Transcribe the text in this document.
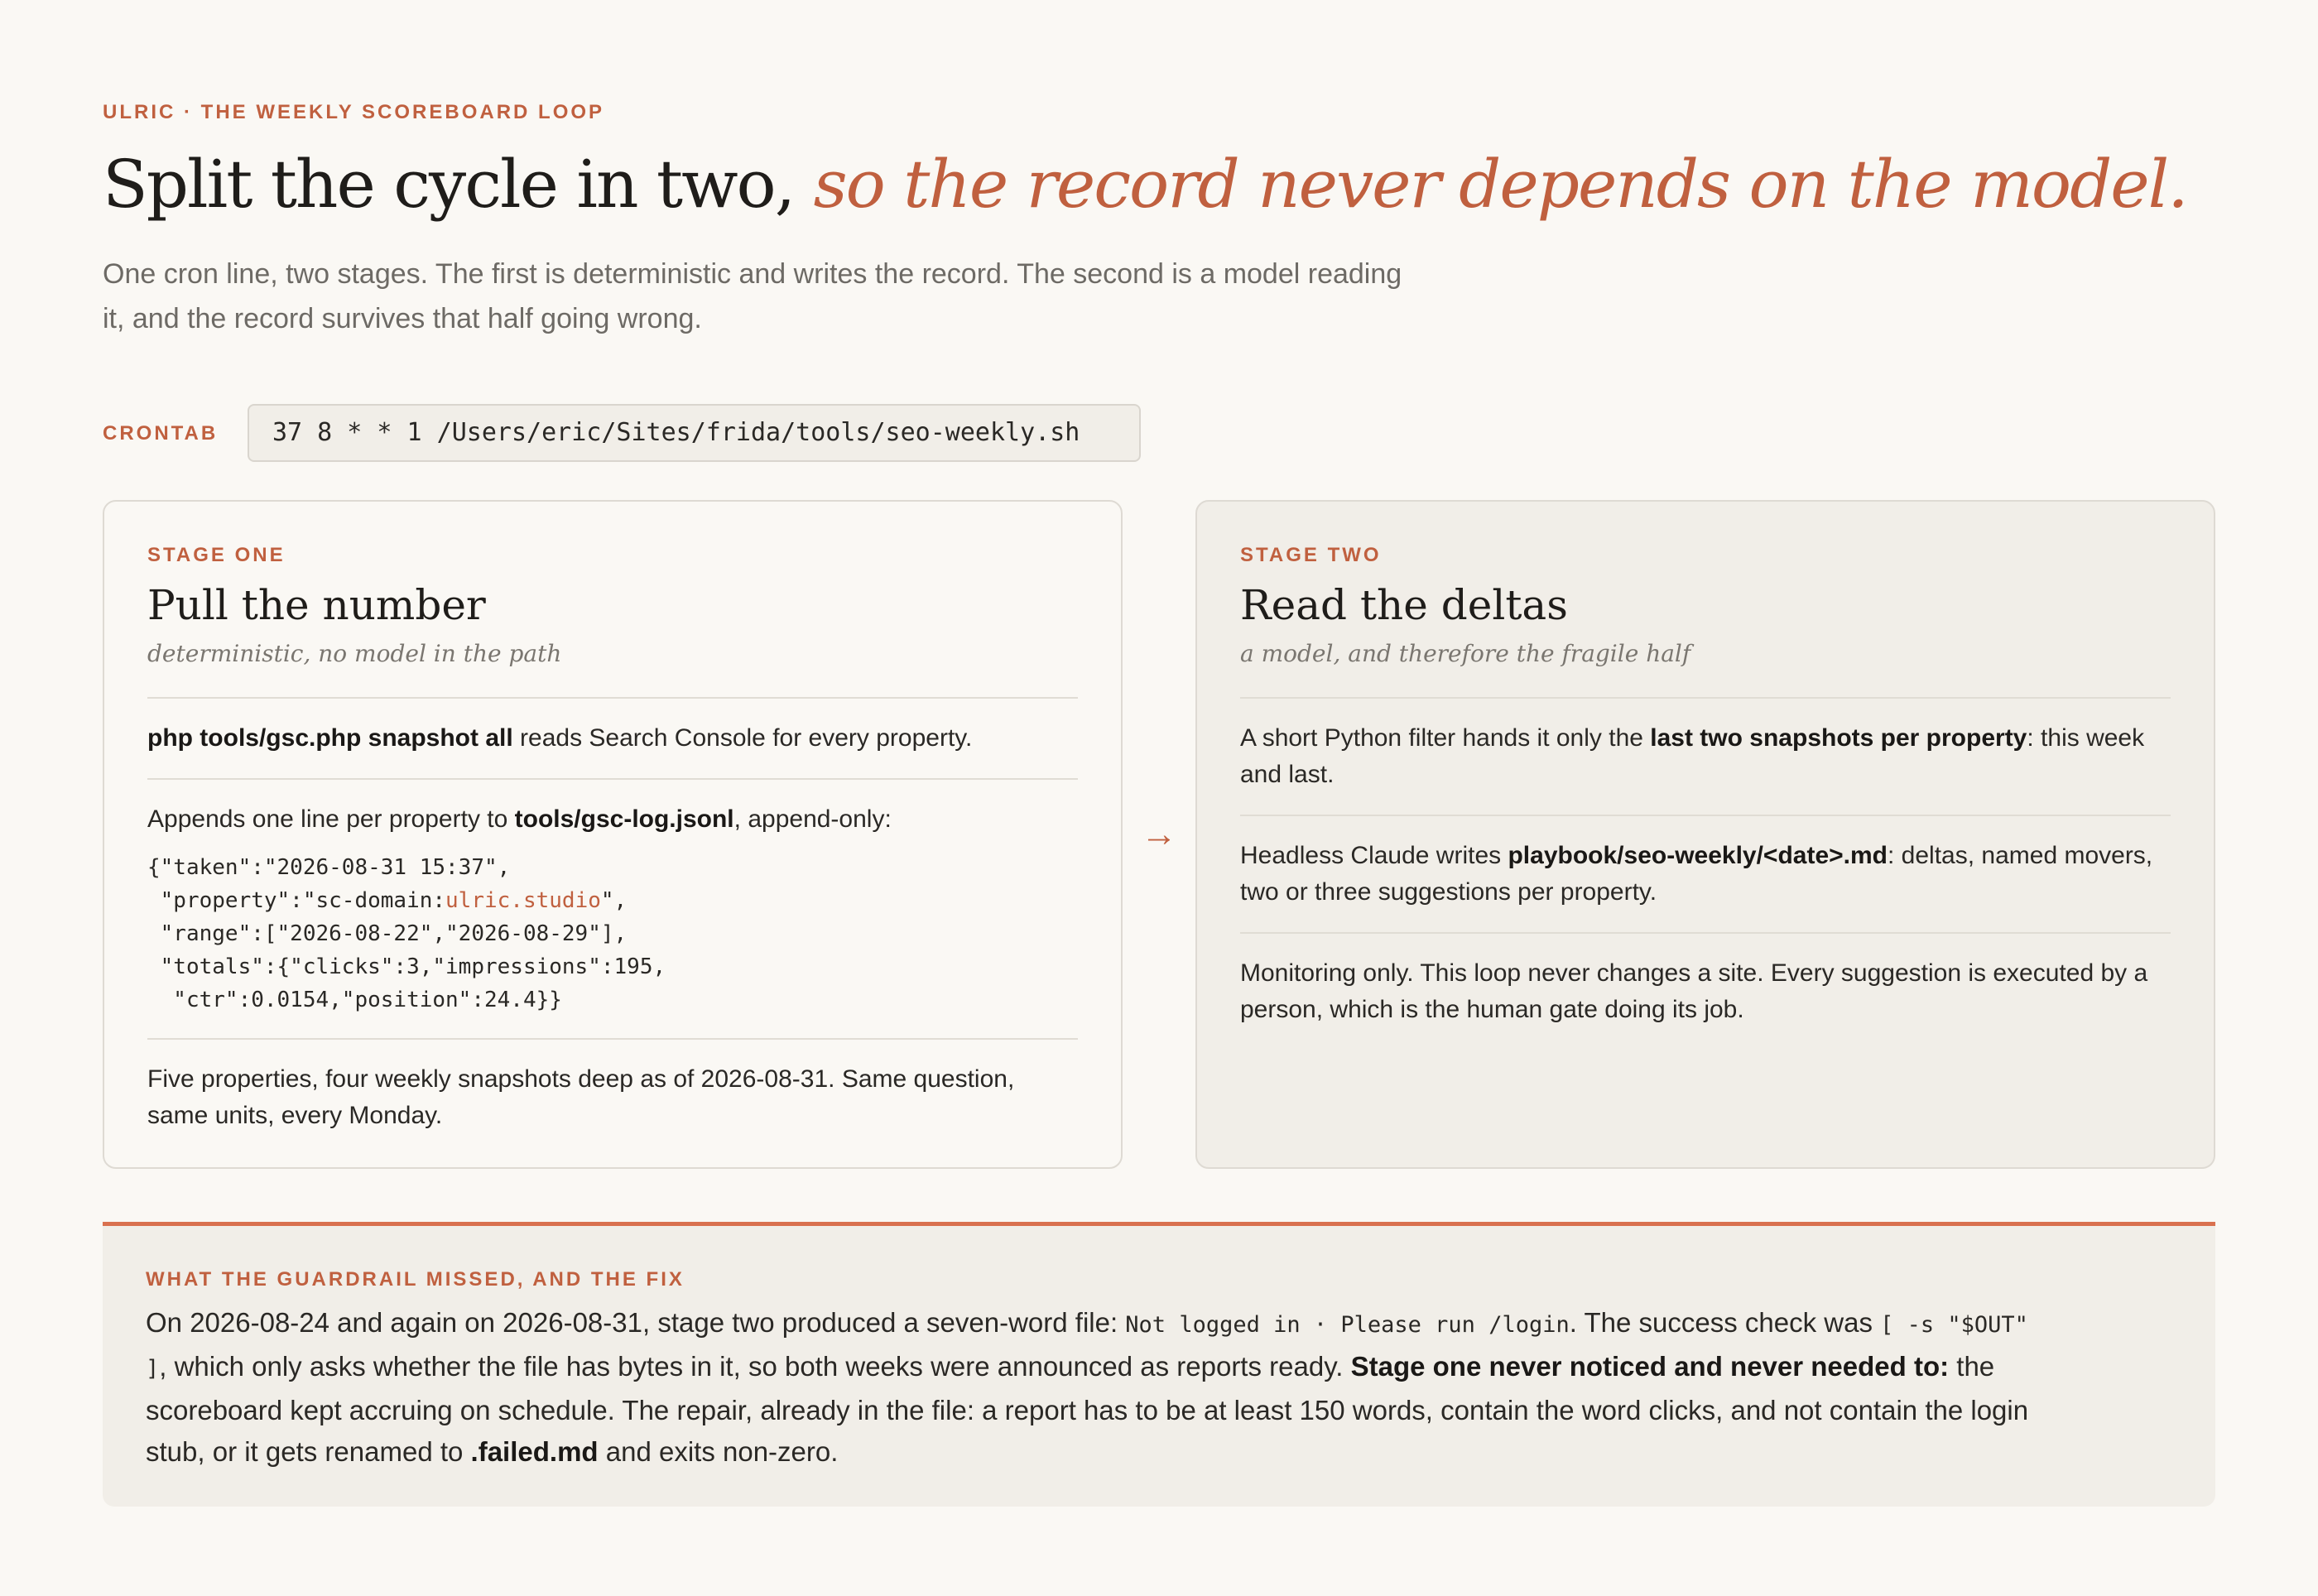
ULRIC · THE WEEKLY SCOREBOARD LOOP
Split the cycle in two, so the record never depends on the model.

One cron line, two stages. The first is deterministic and writes the record. The second is a model reading it, and the record survives that half going wrong.

CRONTAB	37 8 * * 1 /Users/eric/Sites/frida/tools/seo-weekly.sh
STAGE ONE
Pull the number
deterministic, no model in the path
php tools/gsc.php snapshot all reads Search Console for every property.
Appends one line per property to tools/gsc-log.jsonl, append-only:
{"taken":"2026-08-31 15:37",
"property":"sc-domain:ulric.studio",
"range":["2026-08-22","2026-08-29"],
"totals":{"clicks":3,"impressions":195,
"ctr":0.0154,"position":24.4}}
Five properties, four weekly snapshots deep as of 2026-08-31. Same question, same units, every Monday.
→
STAGE TWO
Read the deltas
a model, and therefore the fragile half
A short Python filter hands it only the last two snapshots per property: this week and last.
Headless Claude writes playbook/seo-weekly/<date>.md: deltas, named movers, two or three suggestions per property.
Monitoring only. This loop never changes a site. Every suggestion is executed by a person, which is the human gate doing its job.
WHAT THE GUARDRAIL MISSED, AND THE FIX
On 2026-08-24 and again on 2026-08-31, stage two produced a seven-word file: Not logged in · Please run /login. The success check was [ -s "$OUT" ], which only asks whether the file has bytes in it, so both weeks were announced as reports ready. Stage one never noticed and never needed to: the scoreboard kept accruing on schedule. The repair, already in the file: a report has to be at least 150 words, contain the word clicks, and not contain the login stub, or it gets renamed to .failed.md and exits non-zero.
